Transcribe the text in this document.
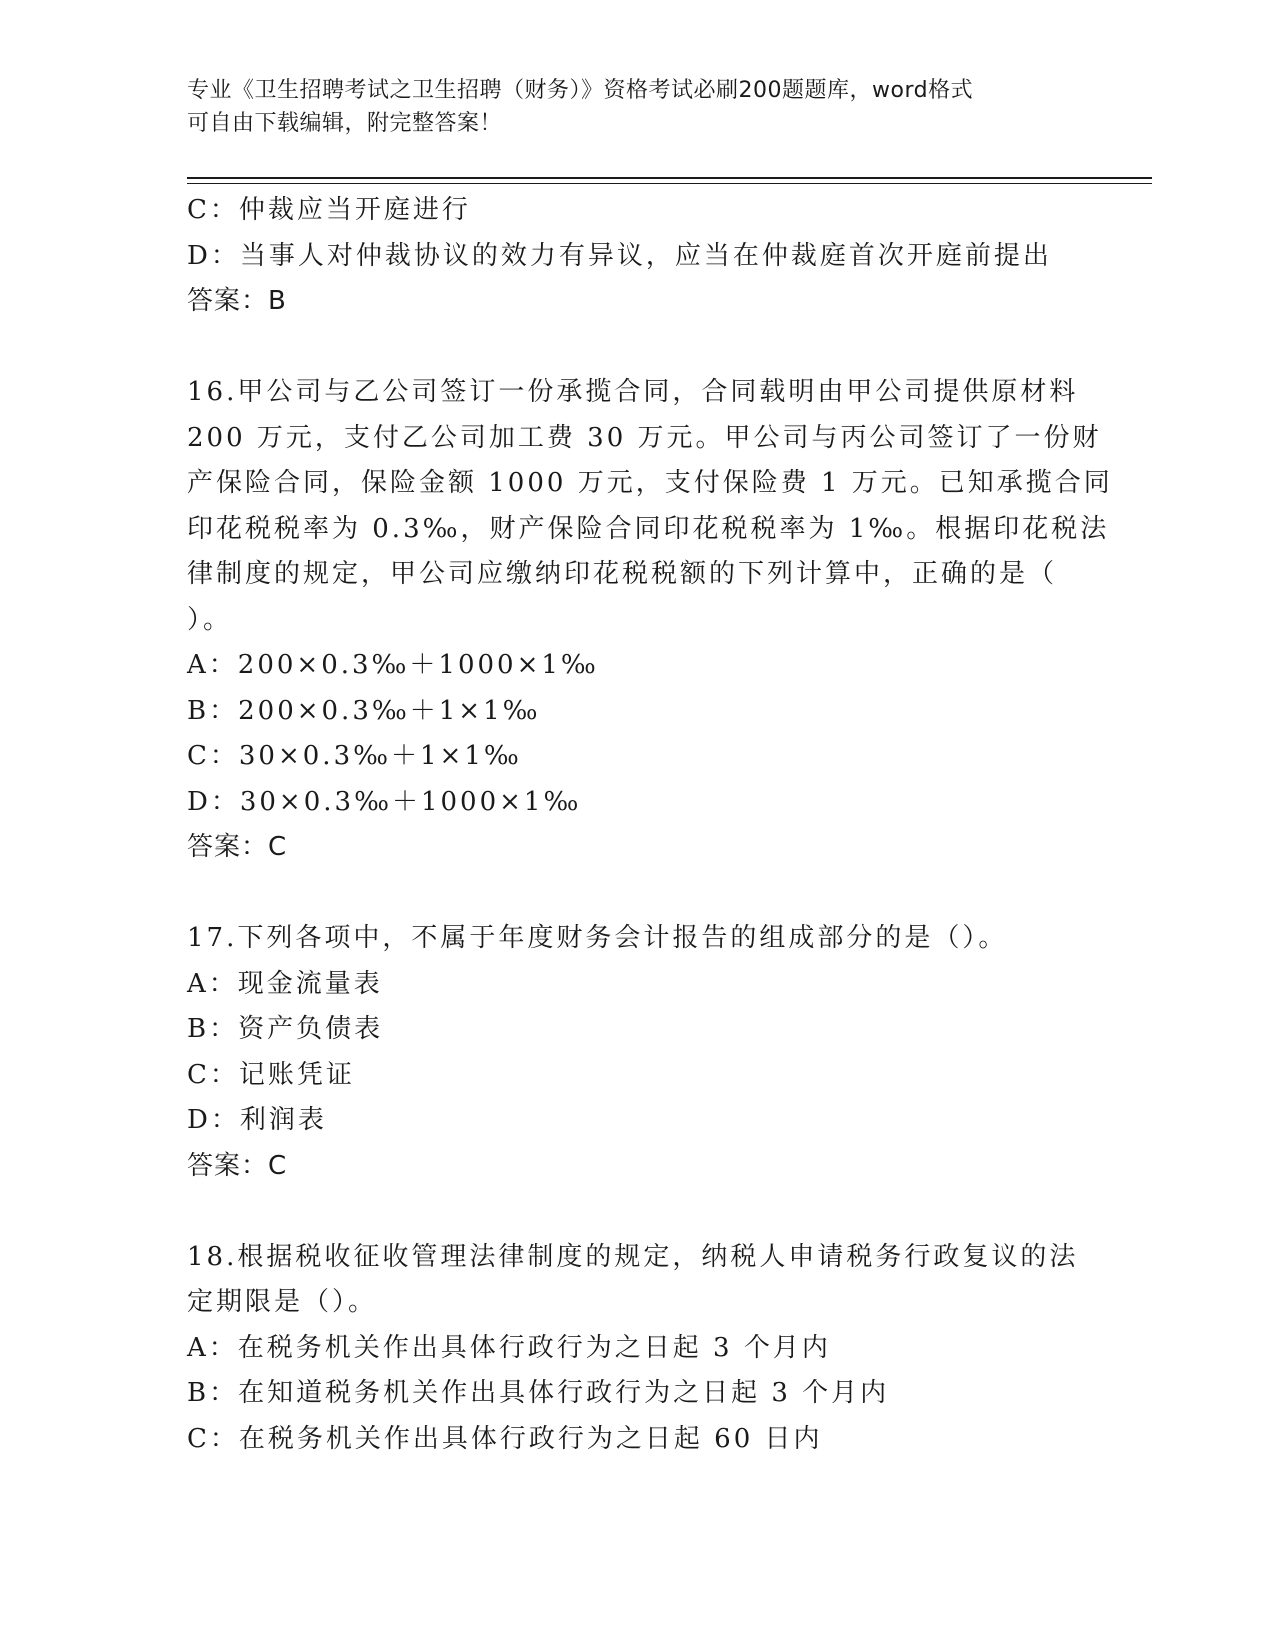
专业《卫生招聘考试之卫生招聘（财务）》资格考试必刷200题题库，word格式
可自由下载编辑，附完整答案！

C：仲裁应当开庭进行

D：当事人对仲裁协议的效力有异议，应当在仲裁庭首次开庭前提出

答案：B

16.甲公司与乙公司签订一份承揽合同，合同载明由甲公司提供原材料

200 万元，支付乙公司加工费 30 万元。甲公司与丙公司签订了一份财

产保险合同，保险金额 1000 万元，支付保险费 1 万元。已知承揽合同

印花税税率为 0.3‰，财产保险合同印花税税率为 1‰。根据印花税法

律制度的规定，甲公司应缴纳印花税税额的下列计算中，正确的是（

）。

A：200×0.3‰＋1000×1‰

B：200×0.3‰＋1×1‰

C：30×0.3‰＋1×1‰

D：30×0.3‰＋1000×1‰

答案：C

17.下列各项中，不属于年度财务会计报告的组成部分的是（）。

A：现金流量表

B：资产负债表

C：记账凭证

D：利润表

答案：C

18.根据税收征收管理法律制度的规定，纳税人申请税务行政复议的法

定期限是（）。

A：在税务机关作出具体行政行为之日起 3 个月内

B：在知道税务机关作出具体行政行为之日起 3 个月内

C：在税务机关作出具体行政行为之日起 60 日内
